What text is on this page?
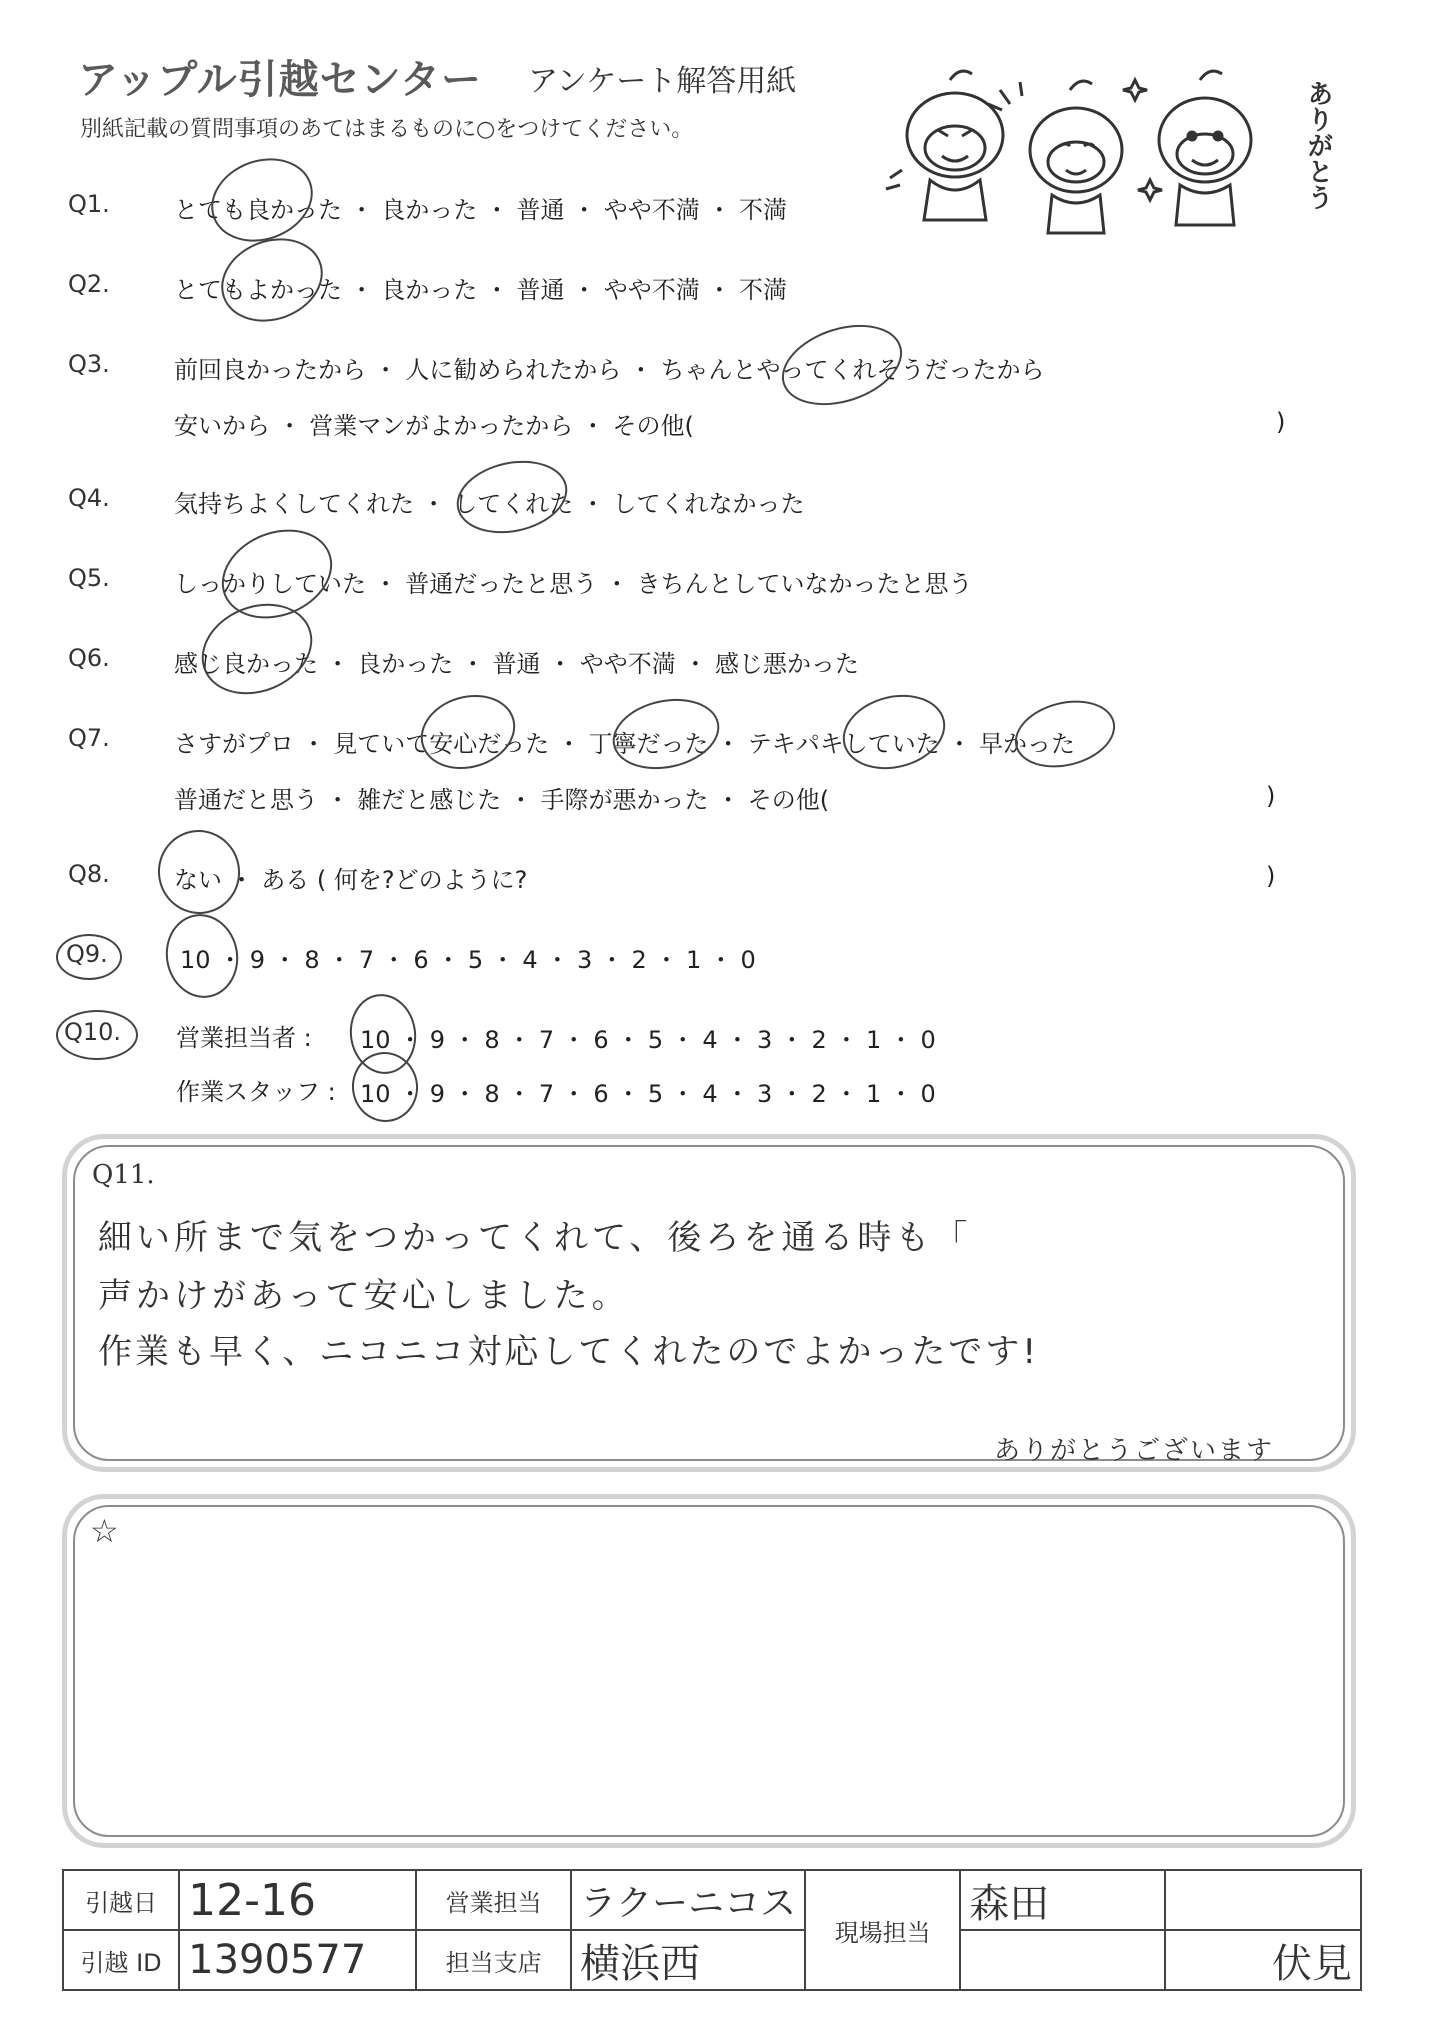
アップル引越センター アンケート解答用紙
別紙記載の質問事項のあてはまるものに○をつけてください。	ありがとう
Q1.	とても良かった ・ 良かった ・ 普通 ・ やや不満 ・ 不満
Q2.	とてもよかった ・ 良かった ・ 普通 ・ やや不満 ・ 不満
Q3.	前回良かったから ・ 人に勧められたから ・ ちゃんとやってくれそうだったから
安いから ・ 営業マンがよかったから ・ その他(	)
Q4.	気持ちよくしてくれた ・ してくれた ・ してくれなかった
Q5.	しっかりしていた ・ 普通だったと思う ・ きちんとしていなかったと思う
Q6.	感じ良かった ・ 良かった ・ 普通 ・ やや不満 ・ 感じ悪かった
Q7.	さすがプロ ・ 見ていて安心だった ・ 丁寧だった ・ テキパキしていた ・ 早かった
普通だと思う ・ 雑だと感じた ・ 手際が悪かった ・ その他(	)
Q8.	ない ・ ある ( 何を?どのように?	)
Q9.	10 ・ 9 ・ 8 ・ 7 ・ 6 ・ 5 ・ 4 ・ 3 ・ 2 ・ 1 ・ 0
Q10. 営業担当者 : 10 ・ 9 ・ 8 ・ 7 ・ 6 ・ 5 ・ 4 ・ 3 ・ 2 ・ 1 ・ 0
作業スタッフ : 10 ・ 9 ・ 8 ・ 7 ・ 6 ・ 5 ・ 4 ・ 3 ・ 2 ・ 1 ・ 0
Q11.
細い所まで気をつかってくれて、後ろを通る時も「
声かけがあって安心しました。
作業も早く、ニコニコ対応してくれたのでよかったです!
ありがとうございます
☆
引越日	12-16	営業担当	ラクーニコス	現場担当	森田	
引越 ID	1390577	担当支店	横浜西			伏見
